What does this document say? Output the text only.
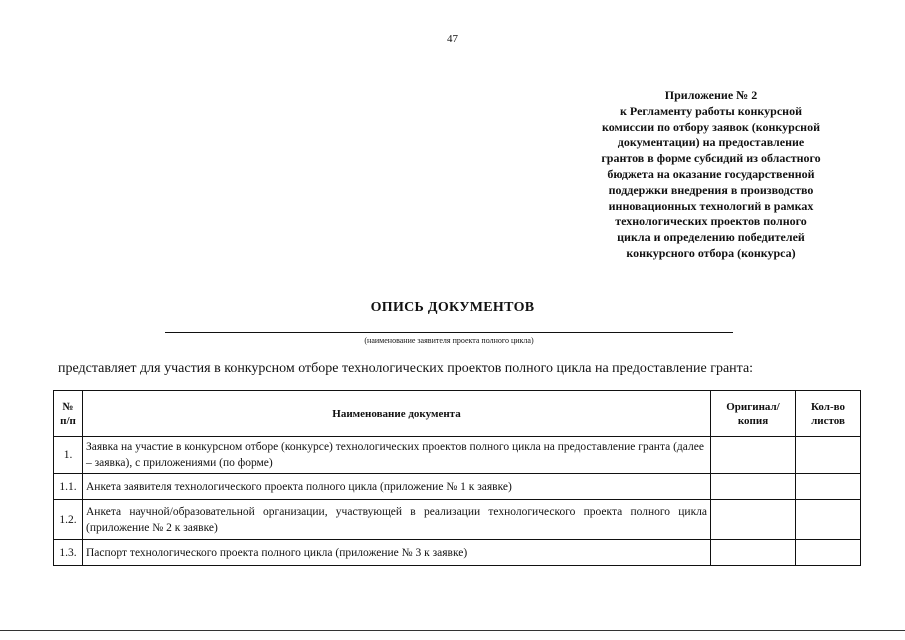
47
Приложение № 2
к Регламенту работы конкурсной
комиссии по отбору заявок (конкурсной
документации) на предоставление
грантов в форме субсидий из областного
бюджета на оказание государственной
поддержки внедрения в производство
инновационных технологий в рамках
технологических проектов полного
цикла и определению победителей
конкурсного отбора (конкурса)
ОПИСЬ ДОКУМЕНТОВ
(наименование заявителя проекта полного цикла)
представляет для участия в конкурсном отборе технологических проектов полного цикла на предоставление гранта:
№ п/п	Наименование документа	Оригинал/ копия	Кол-во листов
1.	Заявка на участие в конкурсном отборе (конкурсе) технологических проектов полного цикла на предоставление гранта (далее – заявка), с приложениями (по форме)		
1.1.	Анкета заявителя технологического проекта полного цикла (приложение № 1 к заявке)		
1.2.	Анкета научной/образовательной организации, участвующей в реализации технологического проекта полного цикла (приложение № 2 к заявке)		
1.3.	Паспорт технологического проекта полного цикла (приложение № 3 к заявке)		
